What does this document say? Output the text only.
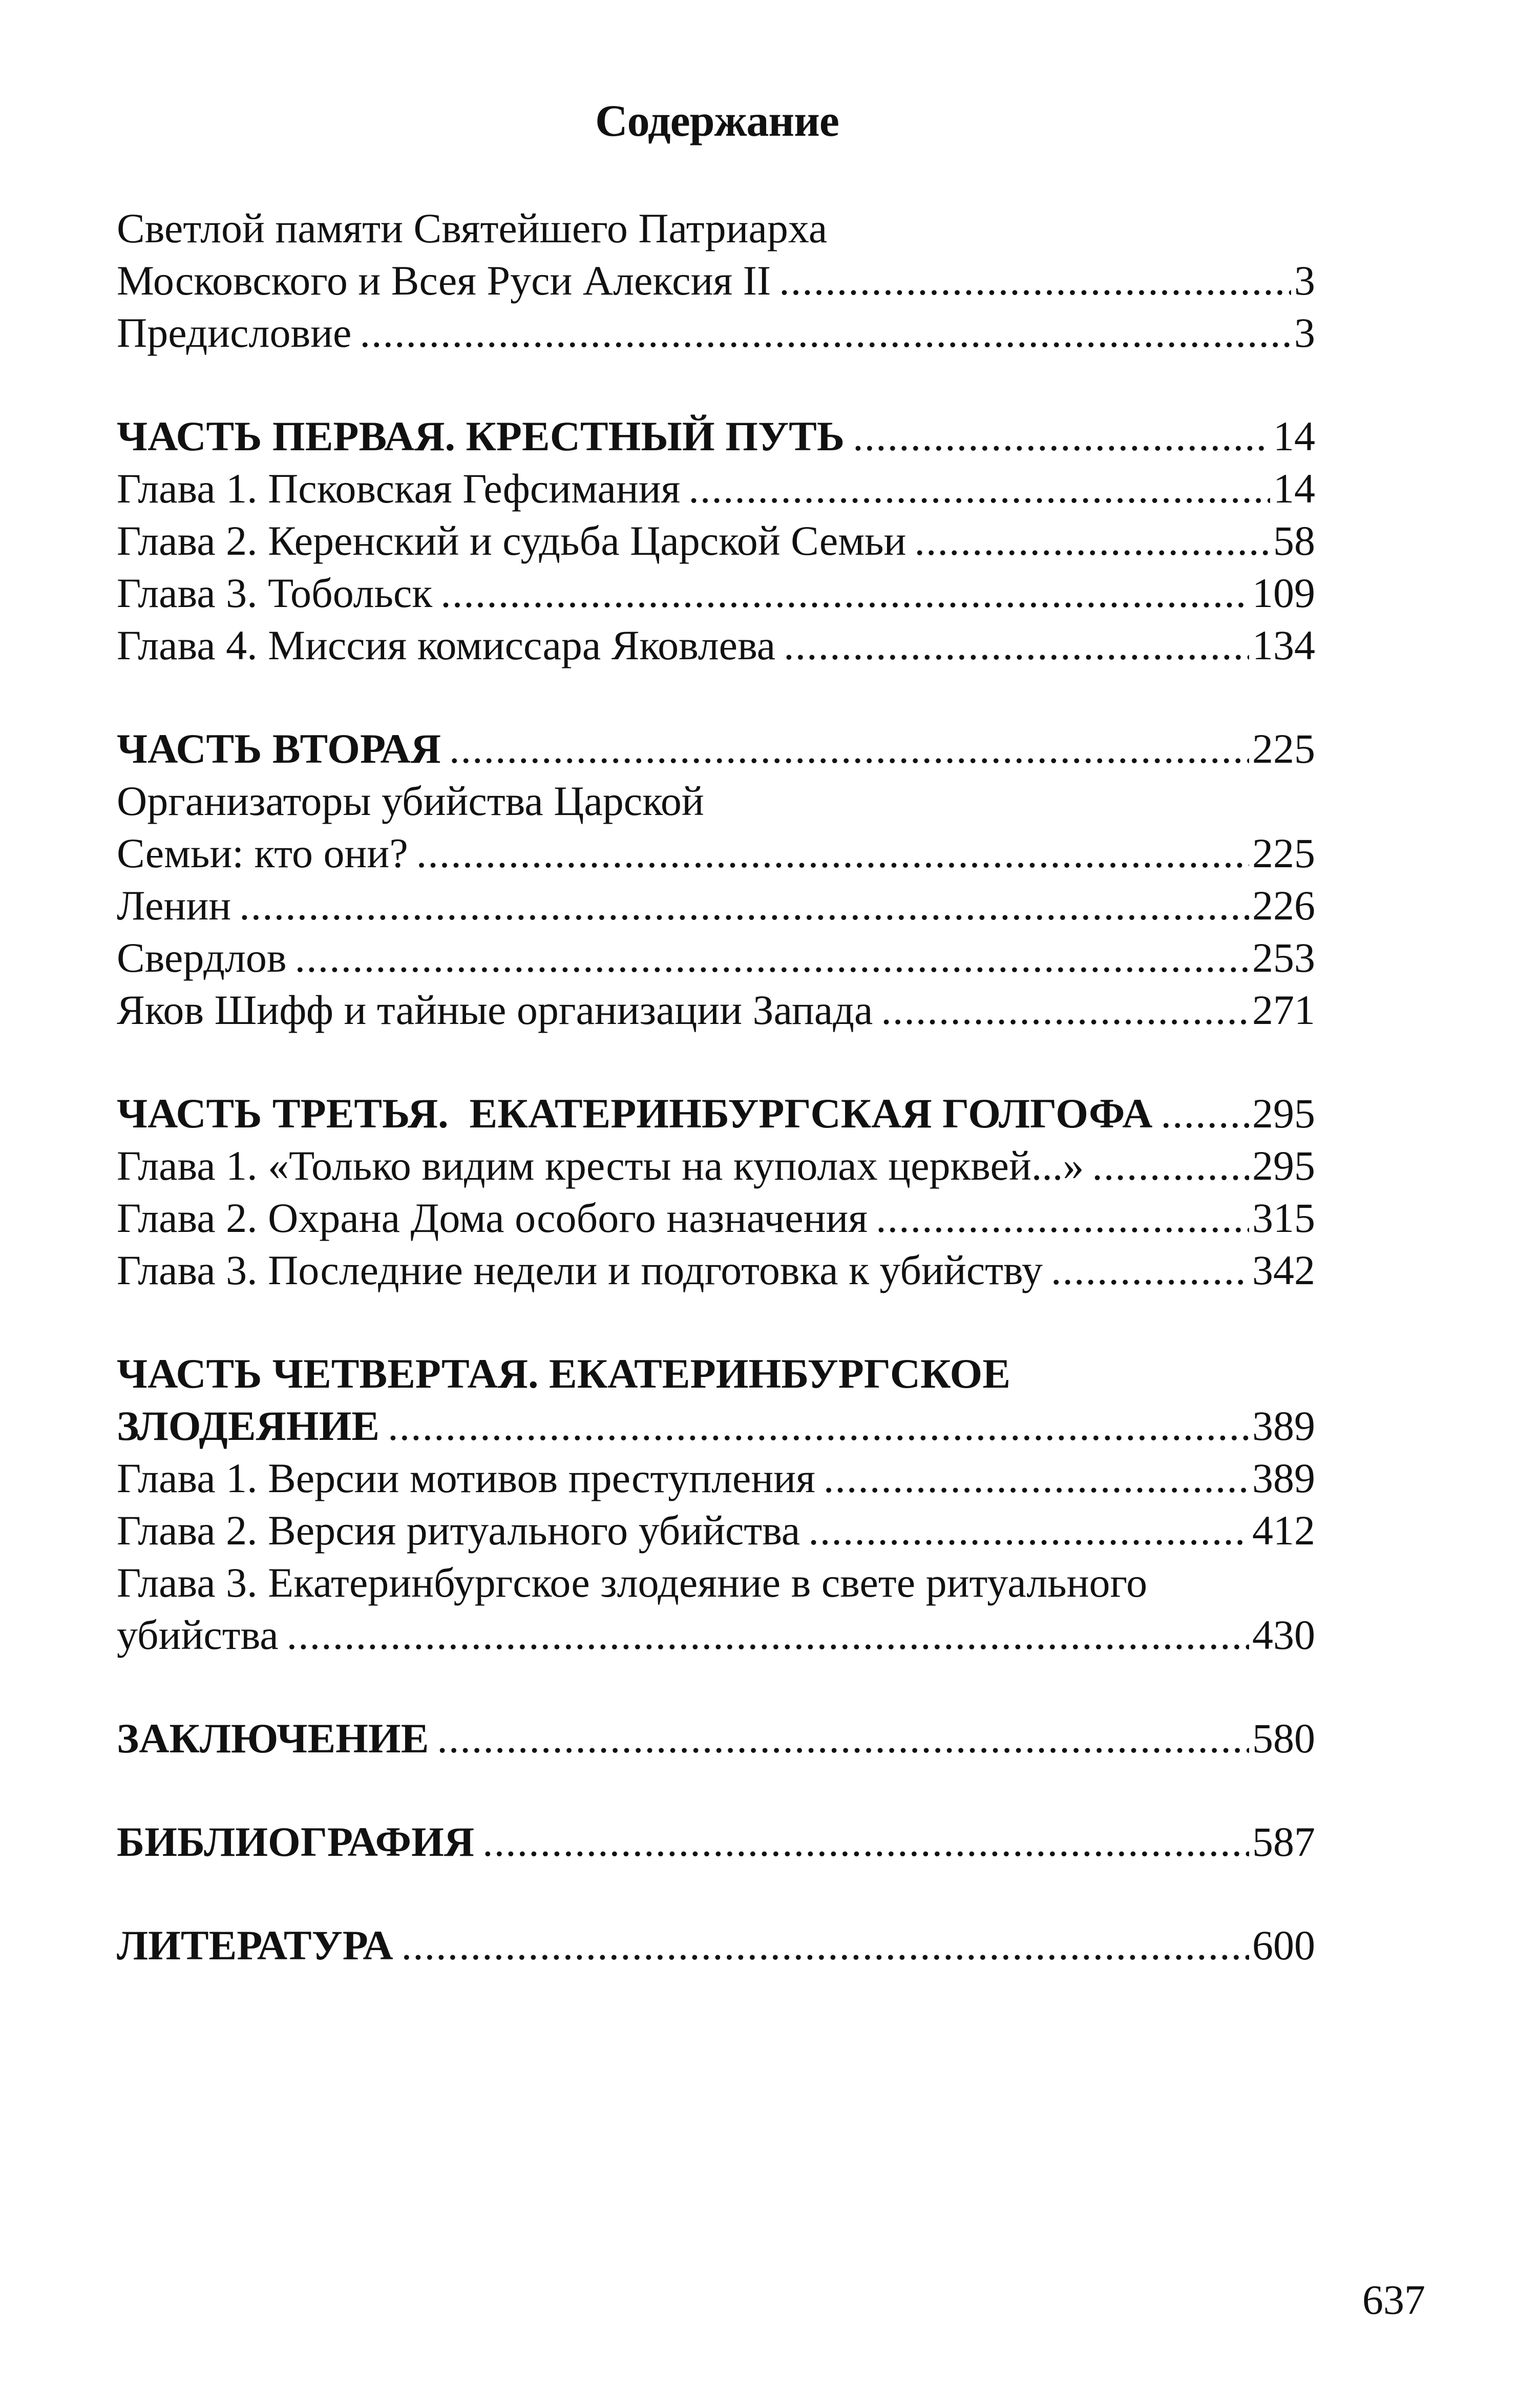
Содержание
Светлой памяти Святейшего Патриарха
Московского и Всея Руси Алексия II .....	3
Предисловие .....	3
ЧАСТЬ ПЕРВАЯ. КРЕСТНЫЙ ПУТЬ .....	14
Глава 1. Псковская Гефсимания .....	14
Глава 2. Керенский и судьба Царской Семьи .....	58
Глава 3. Тобольск .....	109
Глава 4. Миссия комиссара Яковлева .....	134
ЧАСТЬ ВТОРАЯ .....	225
Организаторы убийства Царской
Семьи: кто они? .....	225
Ленин .....	226
Свердлов .....	253
Яков Шифф и тайные организации Запада .....	271
ЧАСТЬ ТРЕТЬЯ.  ЕКАТЕРИНБУРГСКАЯ ГОЛГОФА ..... 295
Глава 1. «Только видим кресты на куполах церквей...» .....	295
Глава 2. Охрана Дома особого назначения .....	315
Глава 3. Последние недели и подготовка к убийству .....	342
ЧАСТЬ ЧЕТВЕРТАЯ. ЕКАТЕРИНБУРГСКОЕ
ЗЛОДЕЯНИЕ .....	389
Глава 1. Версии мотивов преступления .....	389
Глава 2. Версия ритуального убийства .....	412
Глава 3. Екатеринбургское злодеяние в свете ритуального
убийства .....	430
ЗАКЛЮЧЕНИЕ .....	580
БИБЛИОГРАФИЯ .....	587
ЛИТЕРАТУРА .....	600
637
